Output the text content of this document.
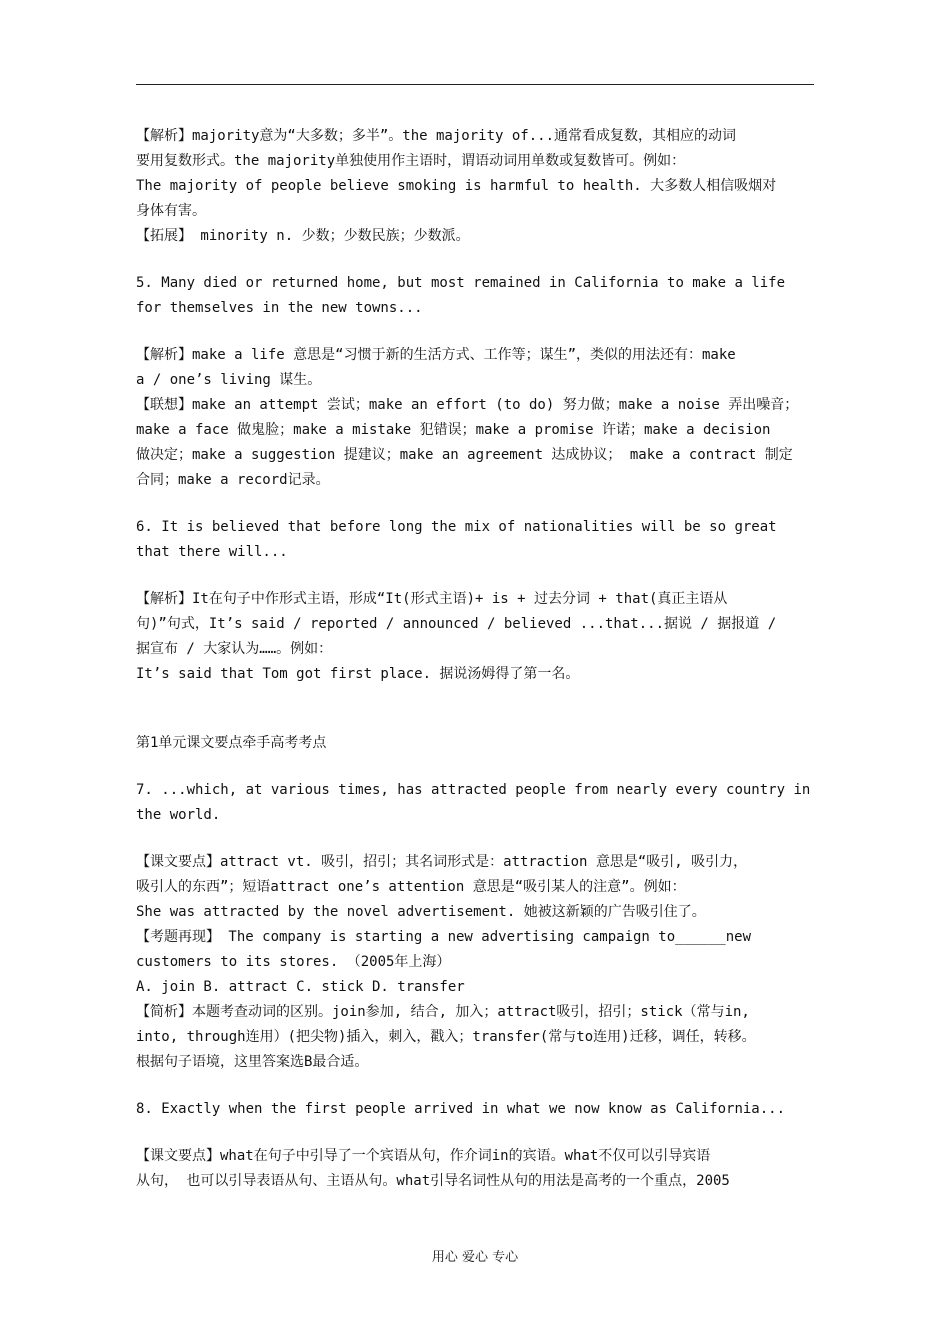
【解析】majority意为“大多数；多半”。the majority of...通常看成复数，其相应的动词
要用复数形式。the majority单独使用作主语时，谓语动词用单数或复数皆可。例如：
The majority of people believe smoking is harmful to health. 大多数人相信吸烟对
身体有害。
【拓展】 minority n. 少数；少数民族；少数派。

5. Many died or returned home, but most remained in California to make a life
for themselves in the new towns...

【解析】make a life 意思是“习惯于新的生活方式、工作等；谋生”，类似的用法还有：make
a / one’s living 谋生。
【联想】make an attempt 尝试；make an effort (to do) 努力做；make a noise 弄出噪音；
make a face 做鬼脸；make a mistake 犯错误；make a promise 许诺；make a decision
做决定；make a suggestion 提建议；make an agreement 达成协议； make a contract 制定
合同；make a record记录。

6. It is believed that before long the mix of nationalities will be so great
that there will...

【解析】It在句子中作形式主语，形成“It(形式主语)+ is + 过去分词 + that(真正主语从
句)”句式，It’s said / reported / announced / believed ...that...据说 / 据报道 /
据宣布 / 大家认为……。例如：
It’s said that Tom got first place. 据说汤姆得了第一名。

第1单元课文要点牵手高考考点

7. ...which, at various times, has attracted people from nearly every country in
the world.

【课文要点】attract vt. 吸引，招引；其名词形式是：attraction 意思是“吸引, 吸引力，
吸引人的东西”；短语attract one’s attention 意思是“吸引某人的注意”。例如：
She was attracted by the novel advertisement. 她被这新颖的广告吸引住了。
【考题再现】 The company is starting a new advertising campaign to______new
customers to its stores. （2005年上海）
A. join B. attract C. stick D. transfer
【简析】本题考查动词的区别。join参加, 结合, 加入；attract吸引，招引；stick（常与in,
into, through连用）(把尖物)插入，刺入，戳入；transfer(常与to连用)迁移，调任，转移。
根据句子语境，这里答案选B最合适。

8. Exactly when the first people arrived in what we now know as California...

【课文要点】what在句子中引导了一个宾语从句，作介词in的宾语。what不仅可以引导宾语
从句， 也可以引导表语从句、主语从句。what引导名词性从句的用法是高考的一个重点，2005

用心 爱心 专心
